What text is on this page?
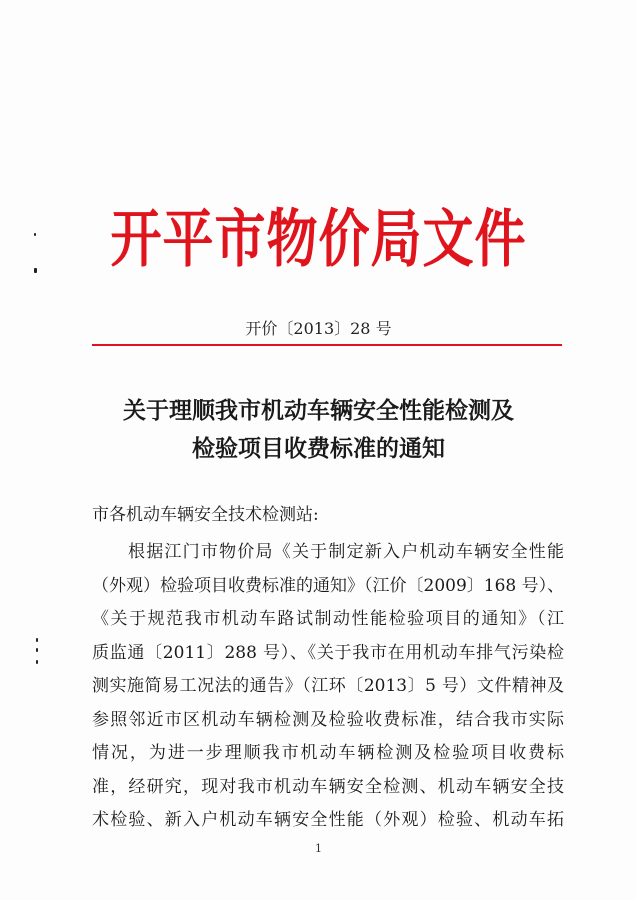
开平市物价局文件
开价〔2013〕28 号
关于理顺我市机动车辆安全性能检测及
检验项目收费标准的通知
市各机动车辆安全技术检测站:
根据江门市物价局《关于制定新入户机动车辆安全性能
（外观）检验项目收费标准的通知》（江价〔2009〕168 号）、
《关于规范我市机动车路试制动性能检验项目的通知》（江
质监通〔2011〕288 号）、《关于我市在用机动车排气污染检
测实施简易工况法的通告》（江环〔2013〕5 号）文件精神及
参照邻近市区机动车辆检测及检验收费标准，结合我市实际
情况，为进一步理顺我市机动车辆检测及检验项目收费标
准，经研究，现对我市机动车辆安全检测、机动车辆安全技
术检验、新入户机动车辆安全性能（外观）检验、机动车拓
1
